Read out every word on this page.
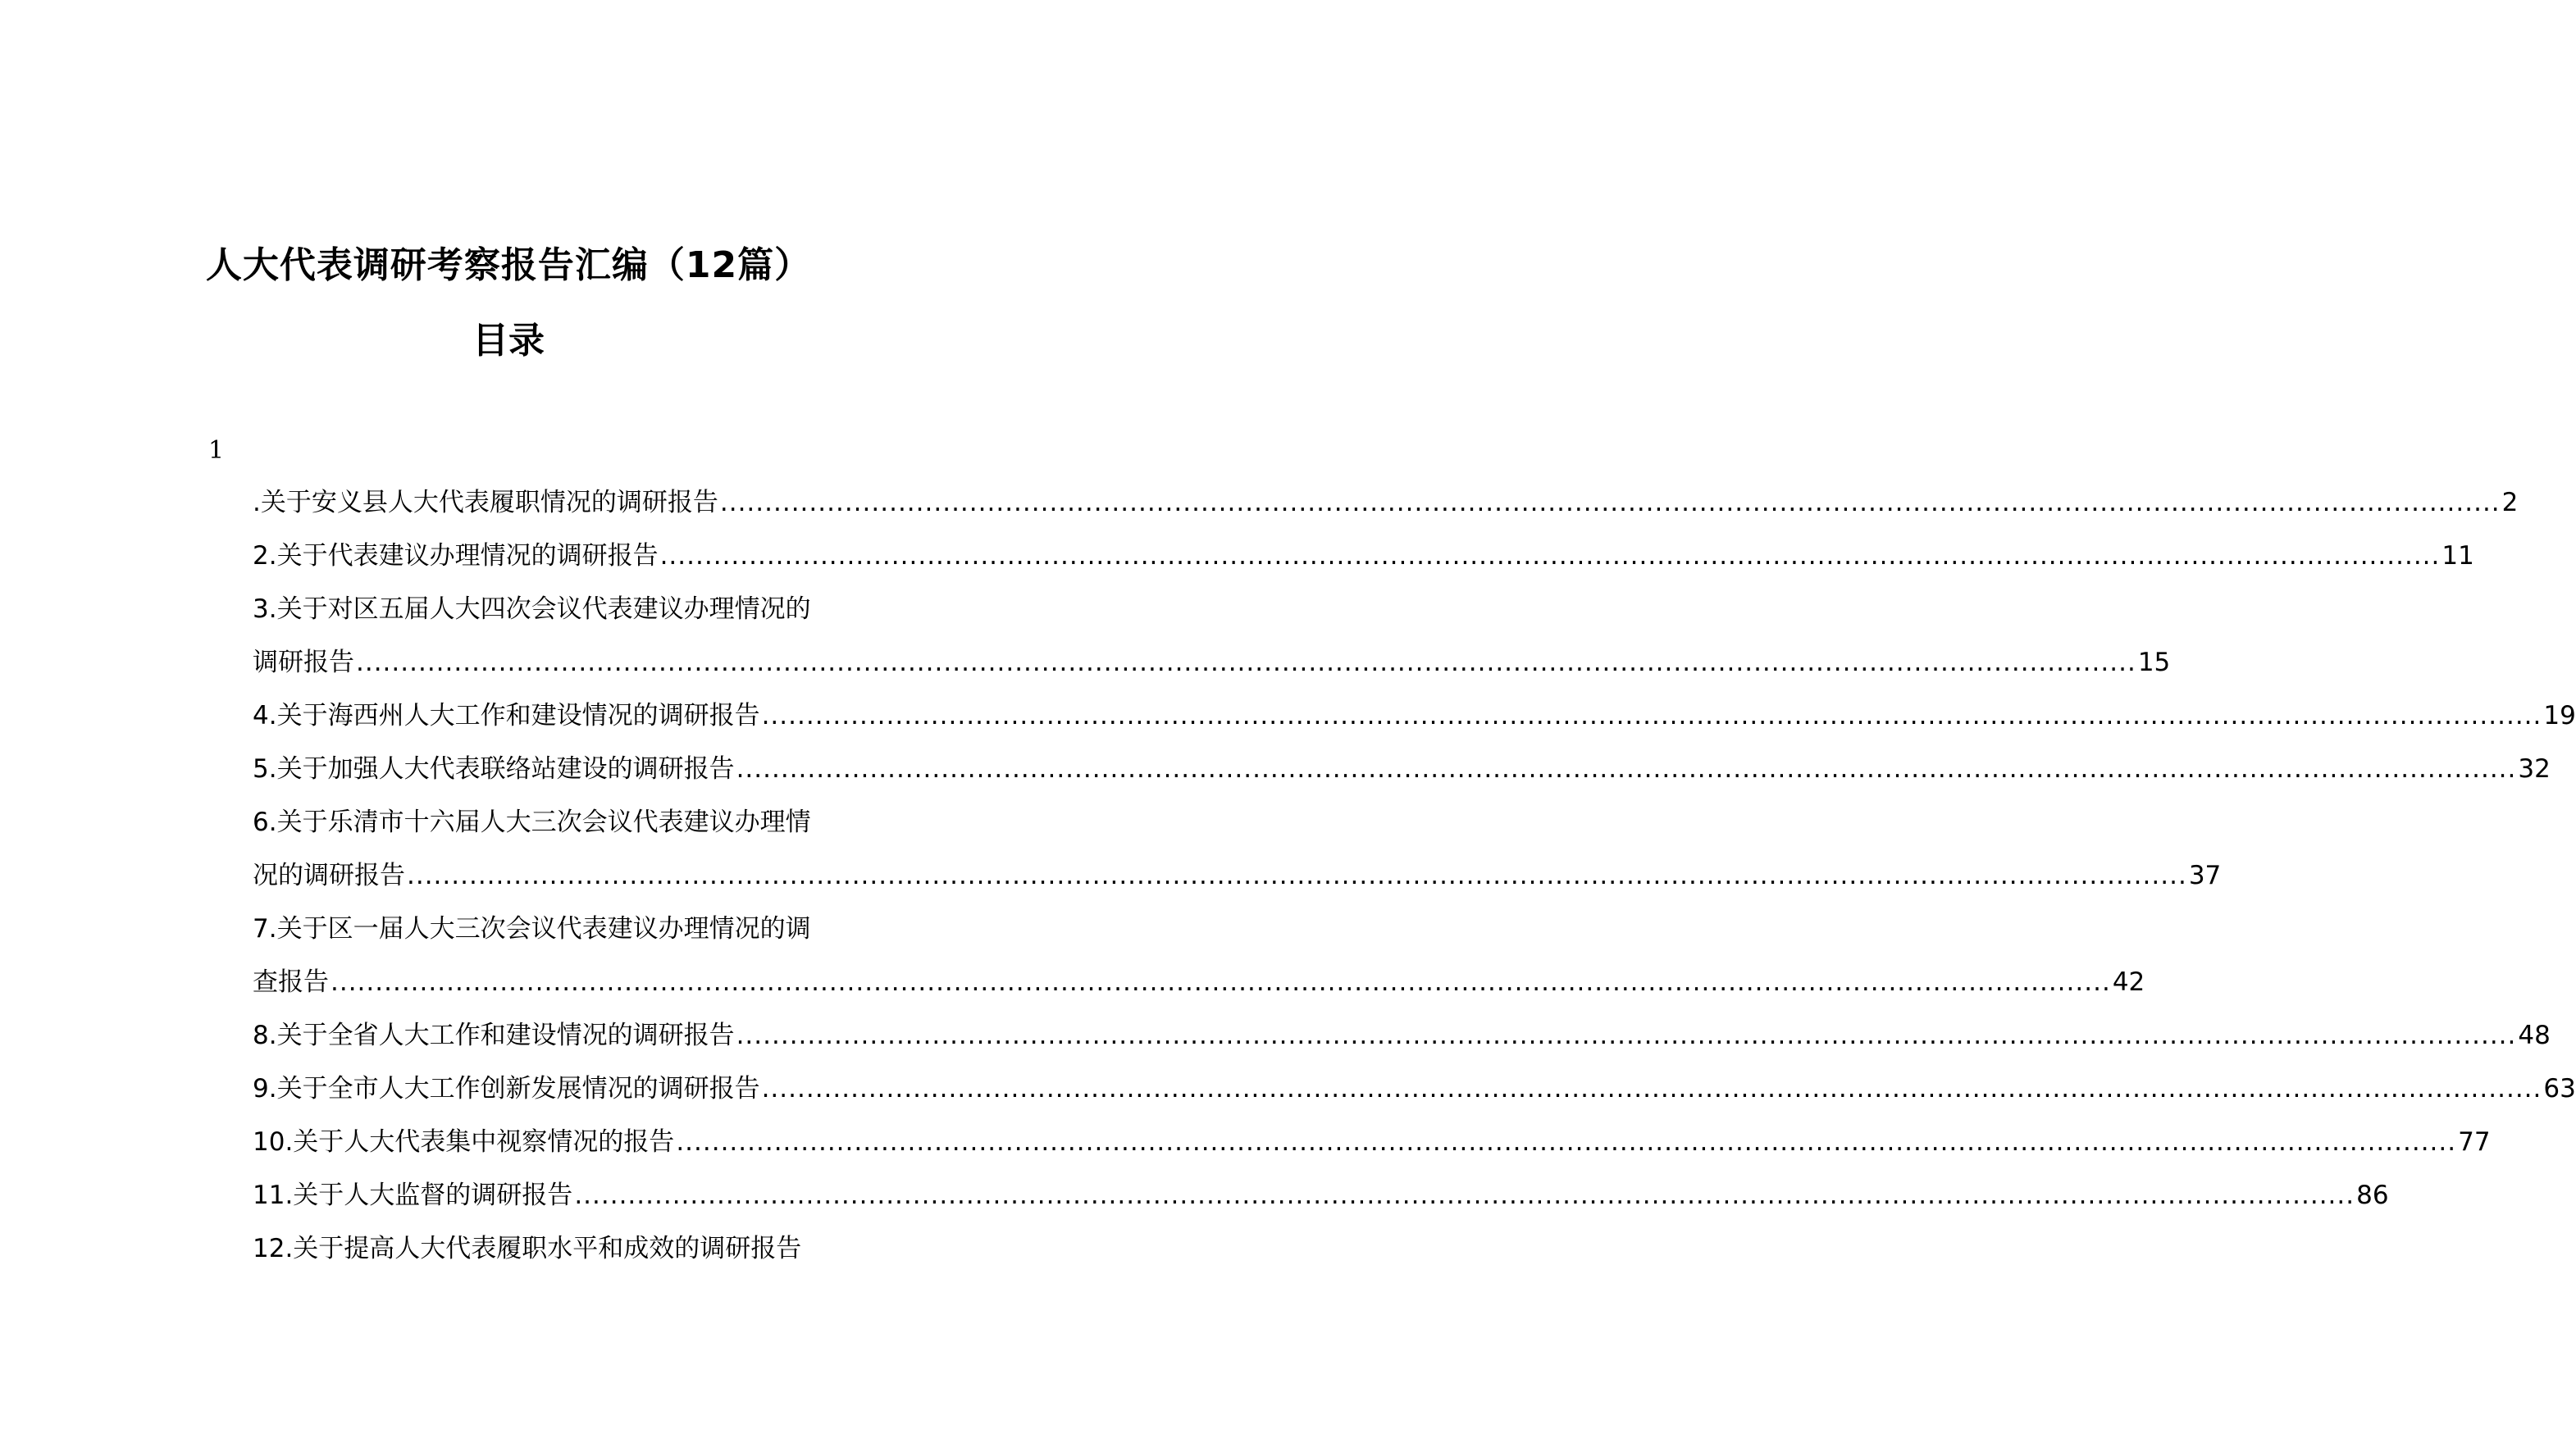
人大代表调研考察报告汇编（12篇）
目录
1
.关于安义县人大代表履职情况的调研报告 ........................................................................................................................................................................................................ 2
2.关于代表建议办理情况的调研报告 ........................................................................................................................................................................................................ 11
3.关于对区五届人大四次会议代表建议办理情况的
调研报告 ........................................................................................................................................................................................................ 15
4.关于海西州人大工作和建设情况的调研报告 ........................................................................................................................................................................................................ 19
5.关于加强人大代表联络站建设的调研报告 ........................................................................................................................................................................................................ 32
6.关于乐清市十六届人大三次会议代表建议办理情
况的调研报告 ........................................................................................................................................................................................................ 37
7.关于区一届人大三次会议代表建议办理情况的调
查报告 ........................................................................................................................................................................................................ 42
8.关于全省人大工作和建设情况的调研报告 ........................................................................................................................................................................................................ 48
9.关于全市人大工作创新发展情况的调研报告 ........................................................................................................................................................................................................ 63
10.关于人大代表集中视察情况的报告 ........................................................................................................................................................................................................ 77
11.关于人大监督的调研报告 ........................................................................................................................................................................................................ 86
12.关于提高人大代表履职水平和成效的调研报告
